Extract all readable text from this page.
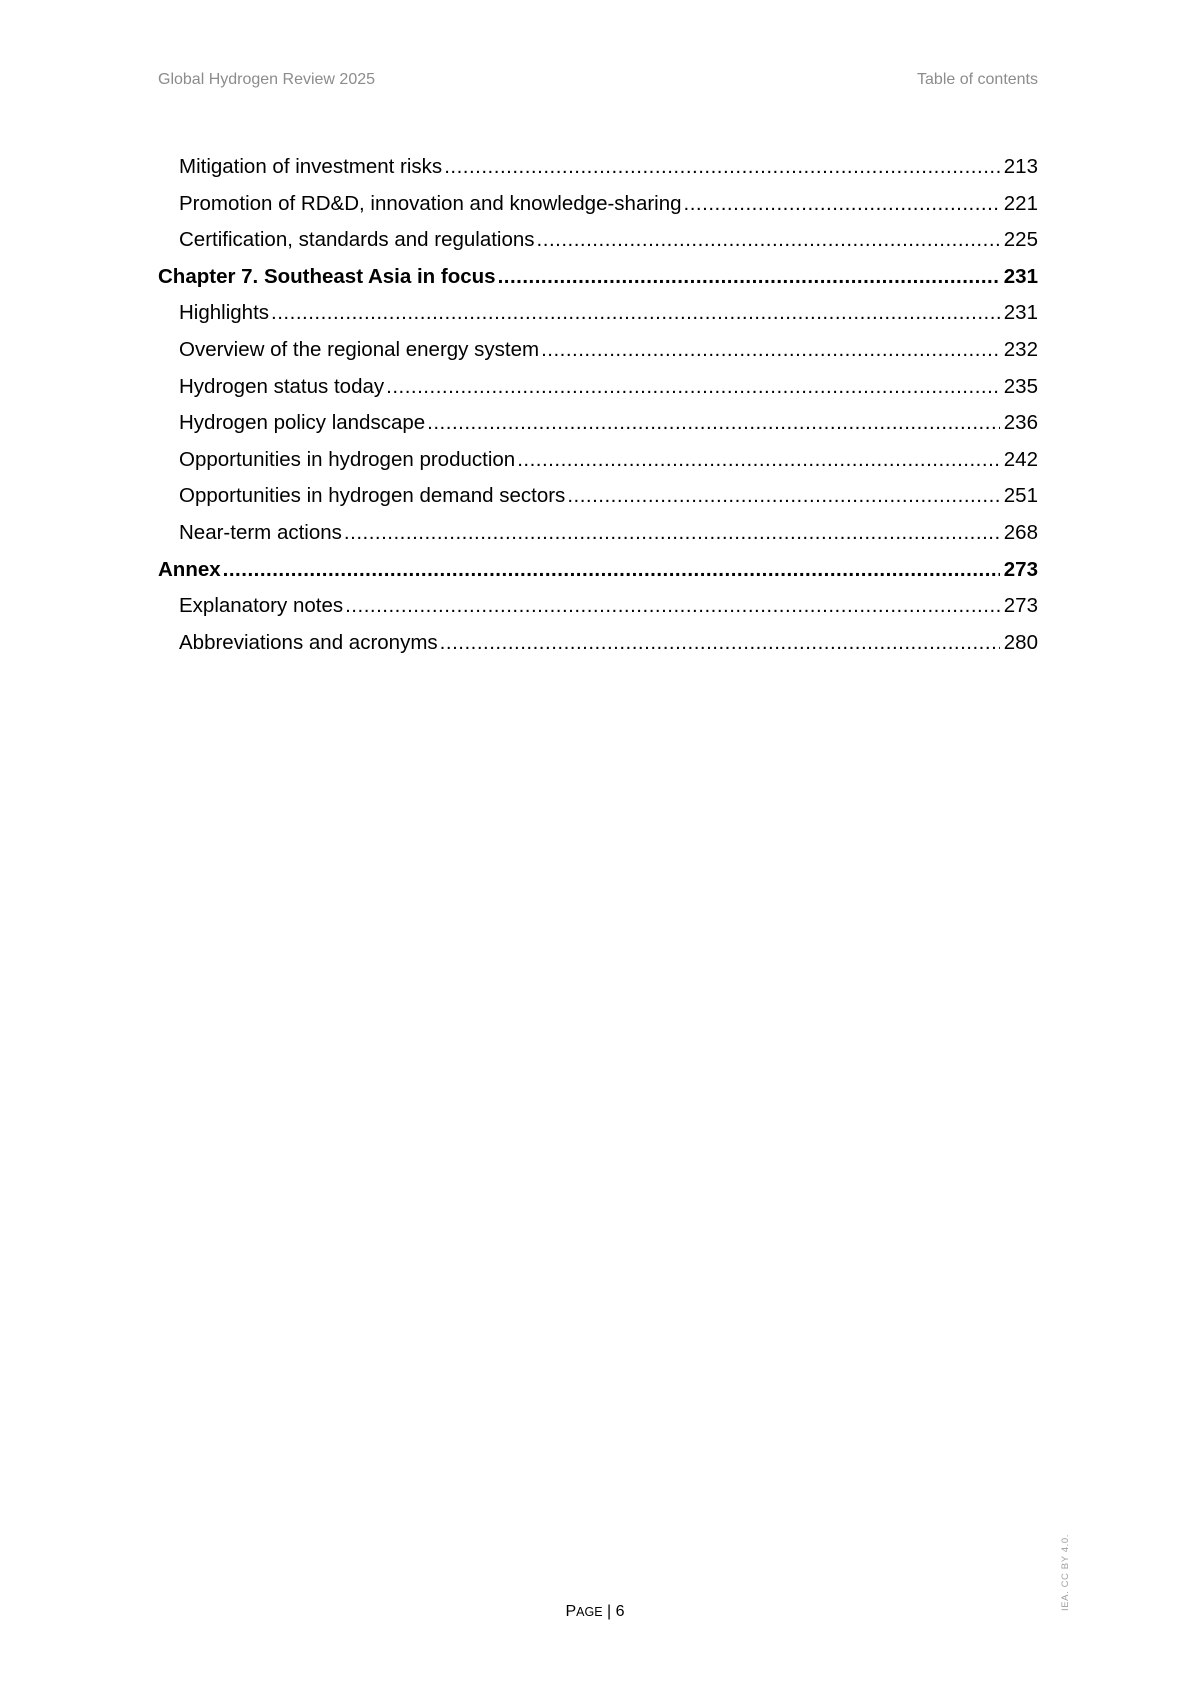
Global Hydrogen Review 2025	Table of contents
Mitigation of investment risks .....	213
Promotion of RD&D, innovation and knowledge-sharing .....	221
Certification, standards and regulations .....	225
Chapter 7. Southeast Asia in focus .....	231
Highlights .....	231
Overview of the regional energy system .....	232
Hydrogen status today .....	235
Hydrogen policy landscape .....	236
Opportunities in hydrogen production .....	242
Opportunities in hydrogen demand sectors .....	251
Near-term actions .....	268
Annex .....	273
Explanatory notes .....	273
Abbreviations and acronyms .....	280
PAGE | 6
IEA. CC BY 4.0.
